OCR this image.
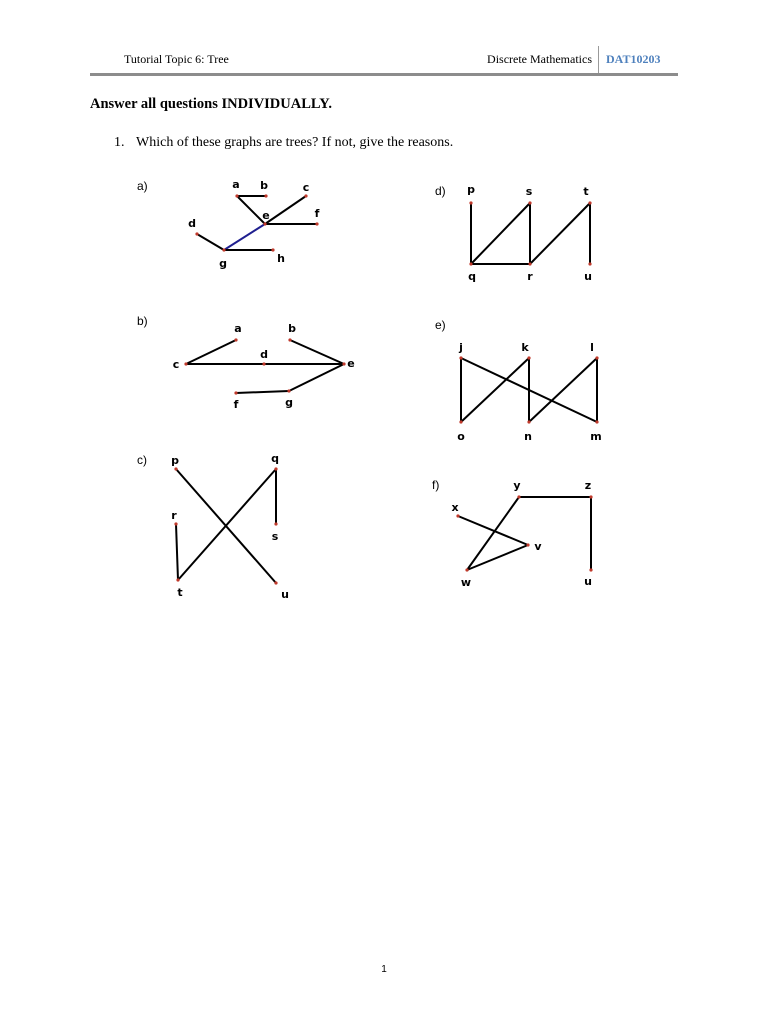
Tutorial Topic 6: Tree	Discrete Mathematics DAT10203
Answer all questions INDIVIDUALLY.
1. Which of these graphs are trees? If not, give the reasons.
a)	a b	c
d
e	f
g	h
b)
a	b
c
d
e
f	g
c) p	q
r
s
t	u
d) p	s	t
q	r	u
e)
j	k	l
o	n	m
f)
x
y	z
v
w	u
1
